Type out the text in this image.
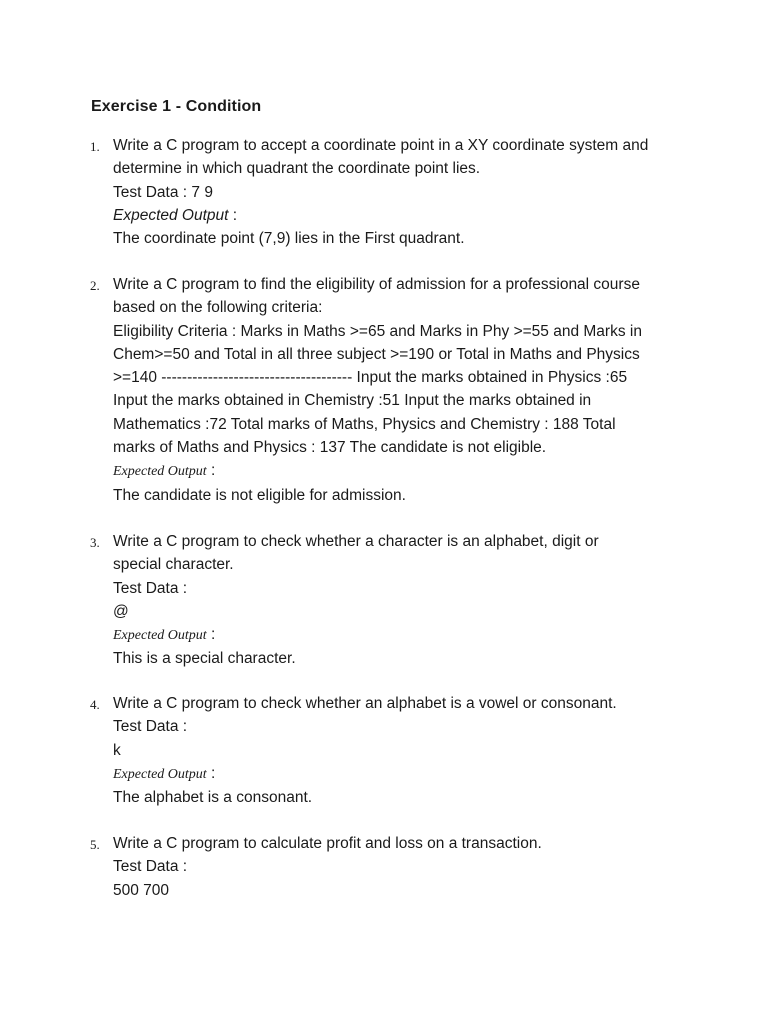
Exercise 1 - Condition
1. Write a C program to accept a coordinate point in a XY coordinate system and
determine in which quadrant the coordinate point lies.
Test Data : 7 9
Expected Output :
The coordinate point (7,9) lies in the First quadrant.
2. Write a C program to find the eligibility of admission for a professional course
based on the following criteria:
Eligibility Criteria : Marks in Maths >=65 and Marks in Phy >=55 and Marks in
Chem>=50 and Total in all three subject >=190 or Total in Maths and Physics
>=140 ------------------------------------- Input the marks obtained in Physics :65
Input the marks obtained in Chemistry :51 Input the marks obtained in
Mathematics :72 Total marks of Maths, Physics and Chemistry : 188 Total
marks of Maths and Physics : 137 The candidate is not eligible.
Expected Output :
The candidate is not eligible for admission.
3. Write a C program to check whether a character is an alphabet, digit or
special character.
Test Data :
@
Expected Output :
This is a special character.
4. Write a C program to check whether an alphabet is a vowel or consonant.
Test Data :
k
Expected Output :
The alphabet is a consonant.
5. Write a C program to calculate profit and loss on a transaction.
Test Data :
500 700
